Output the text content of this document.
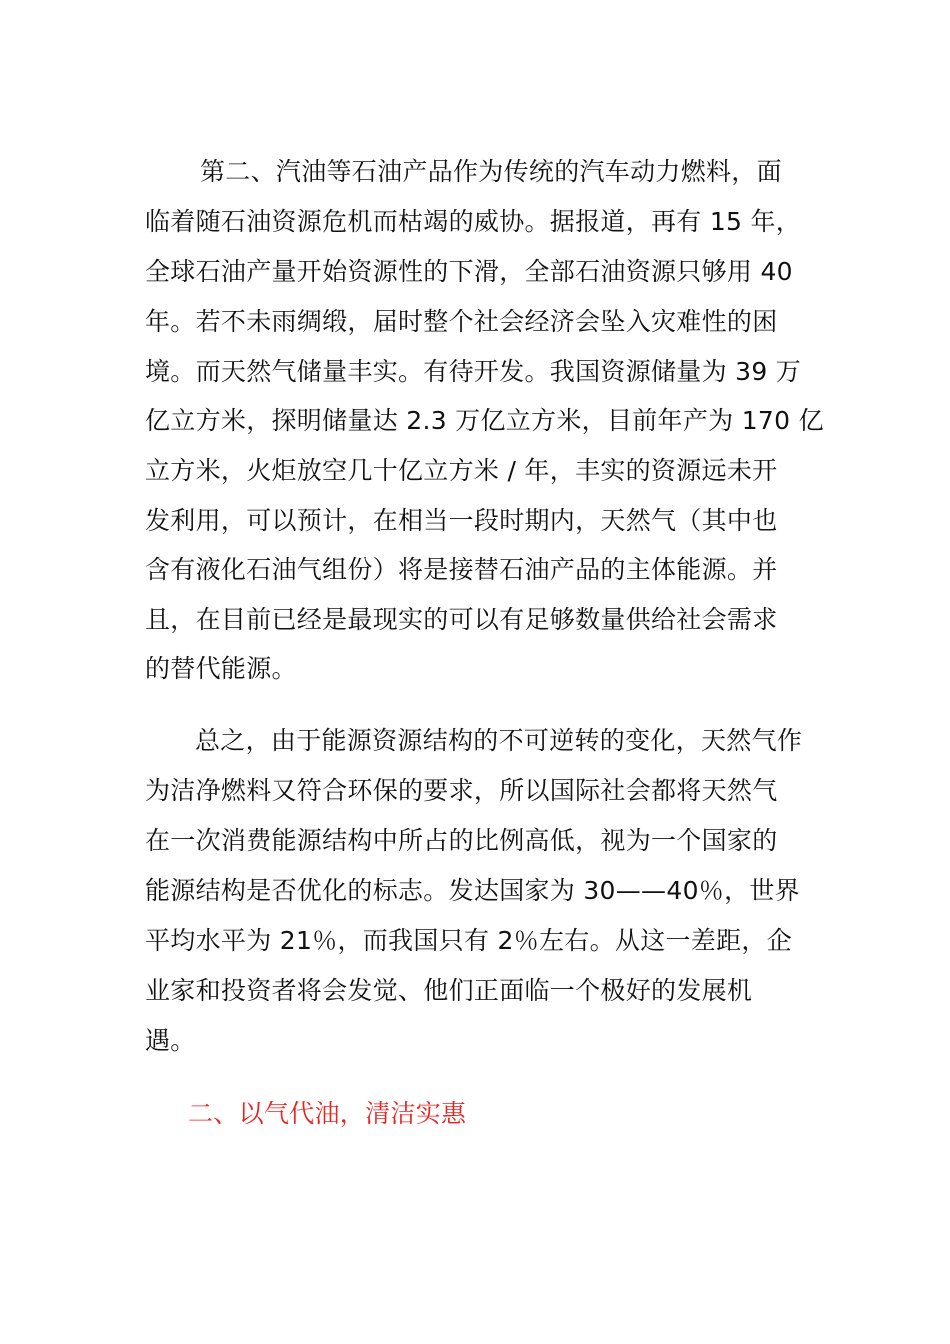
第二、汽油等石油产品作为传统的汽车动力燃料，面
临着随石油资源危机而枯竭的威协。据报道，再有 15 年，
全球石油产量开始资源性的下滑，全部石油资源只够用 40
年。若不未雨绸缎，届时整个社会经济会坠入灾难性的困
境。而天然气储量丰实。有待开发。我国资源储量为 39 万
亿立方米，探明储量达 2.3 万亿立方米，目前年产为 170 亿
立方米，火炬放空几十亿立方米 / 年，丰实的资源远未开
发利用，可以预计，在相当一段时期内，天然气（其中也
含有液化石油气组份）将是接替石油产品的主体能源。并
且，在目前已经是最现实的可以有足够数量供给社会需求
的替代能源。
总之，由于能源资源结构的不可逆转的变化，天然气作
为洁净燃料又符合环保的要求，所以国际社会都将天然气
在一次消费能源结构中所占的比例高低，视为一个国家的
能源结构是否优化的标志。发达国家为 30——40％，世界
平均水平为 21％，而我国只有 2％左右。从这一差距，企
业家和投资者将会发觉、他们正面临一个极好的发展机
遇。
二、以气代油，清洁实惠
